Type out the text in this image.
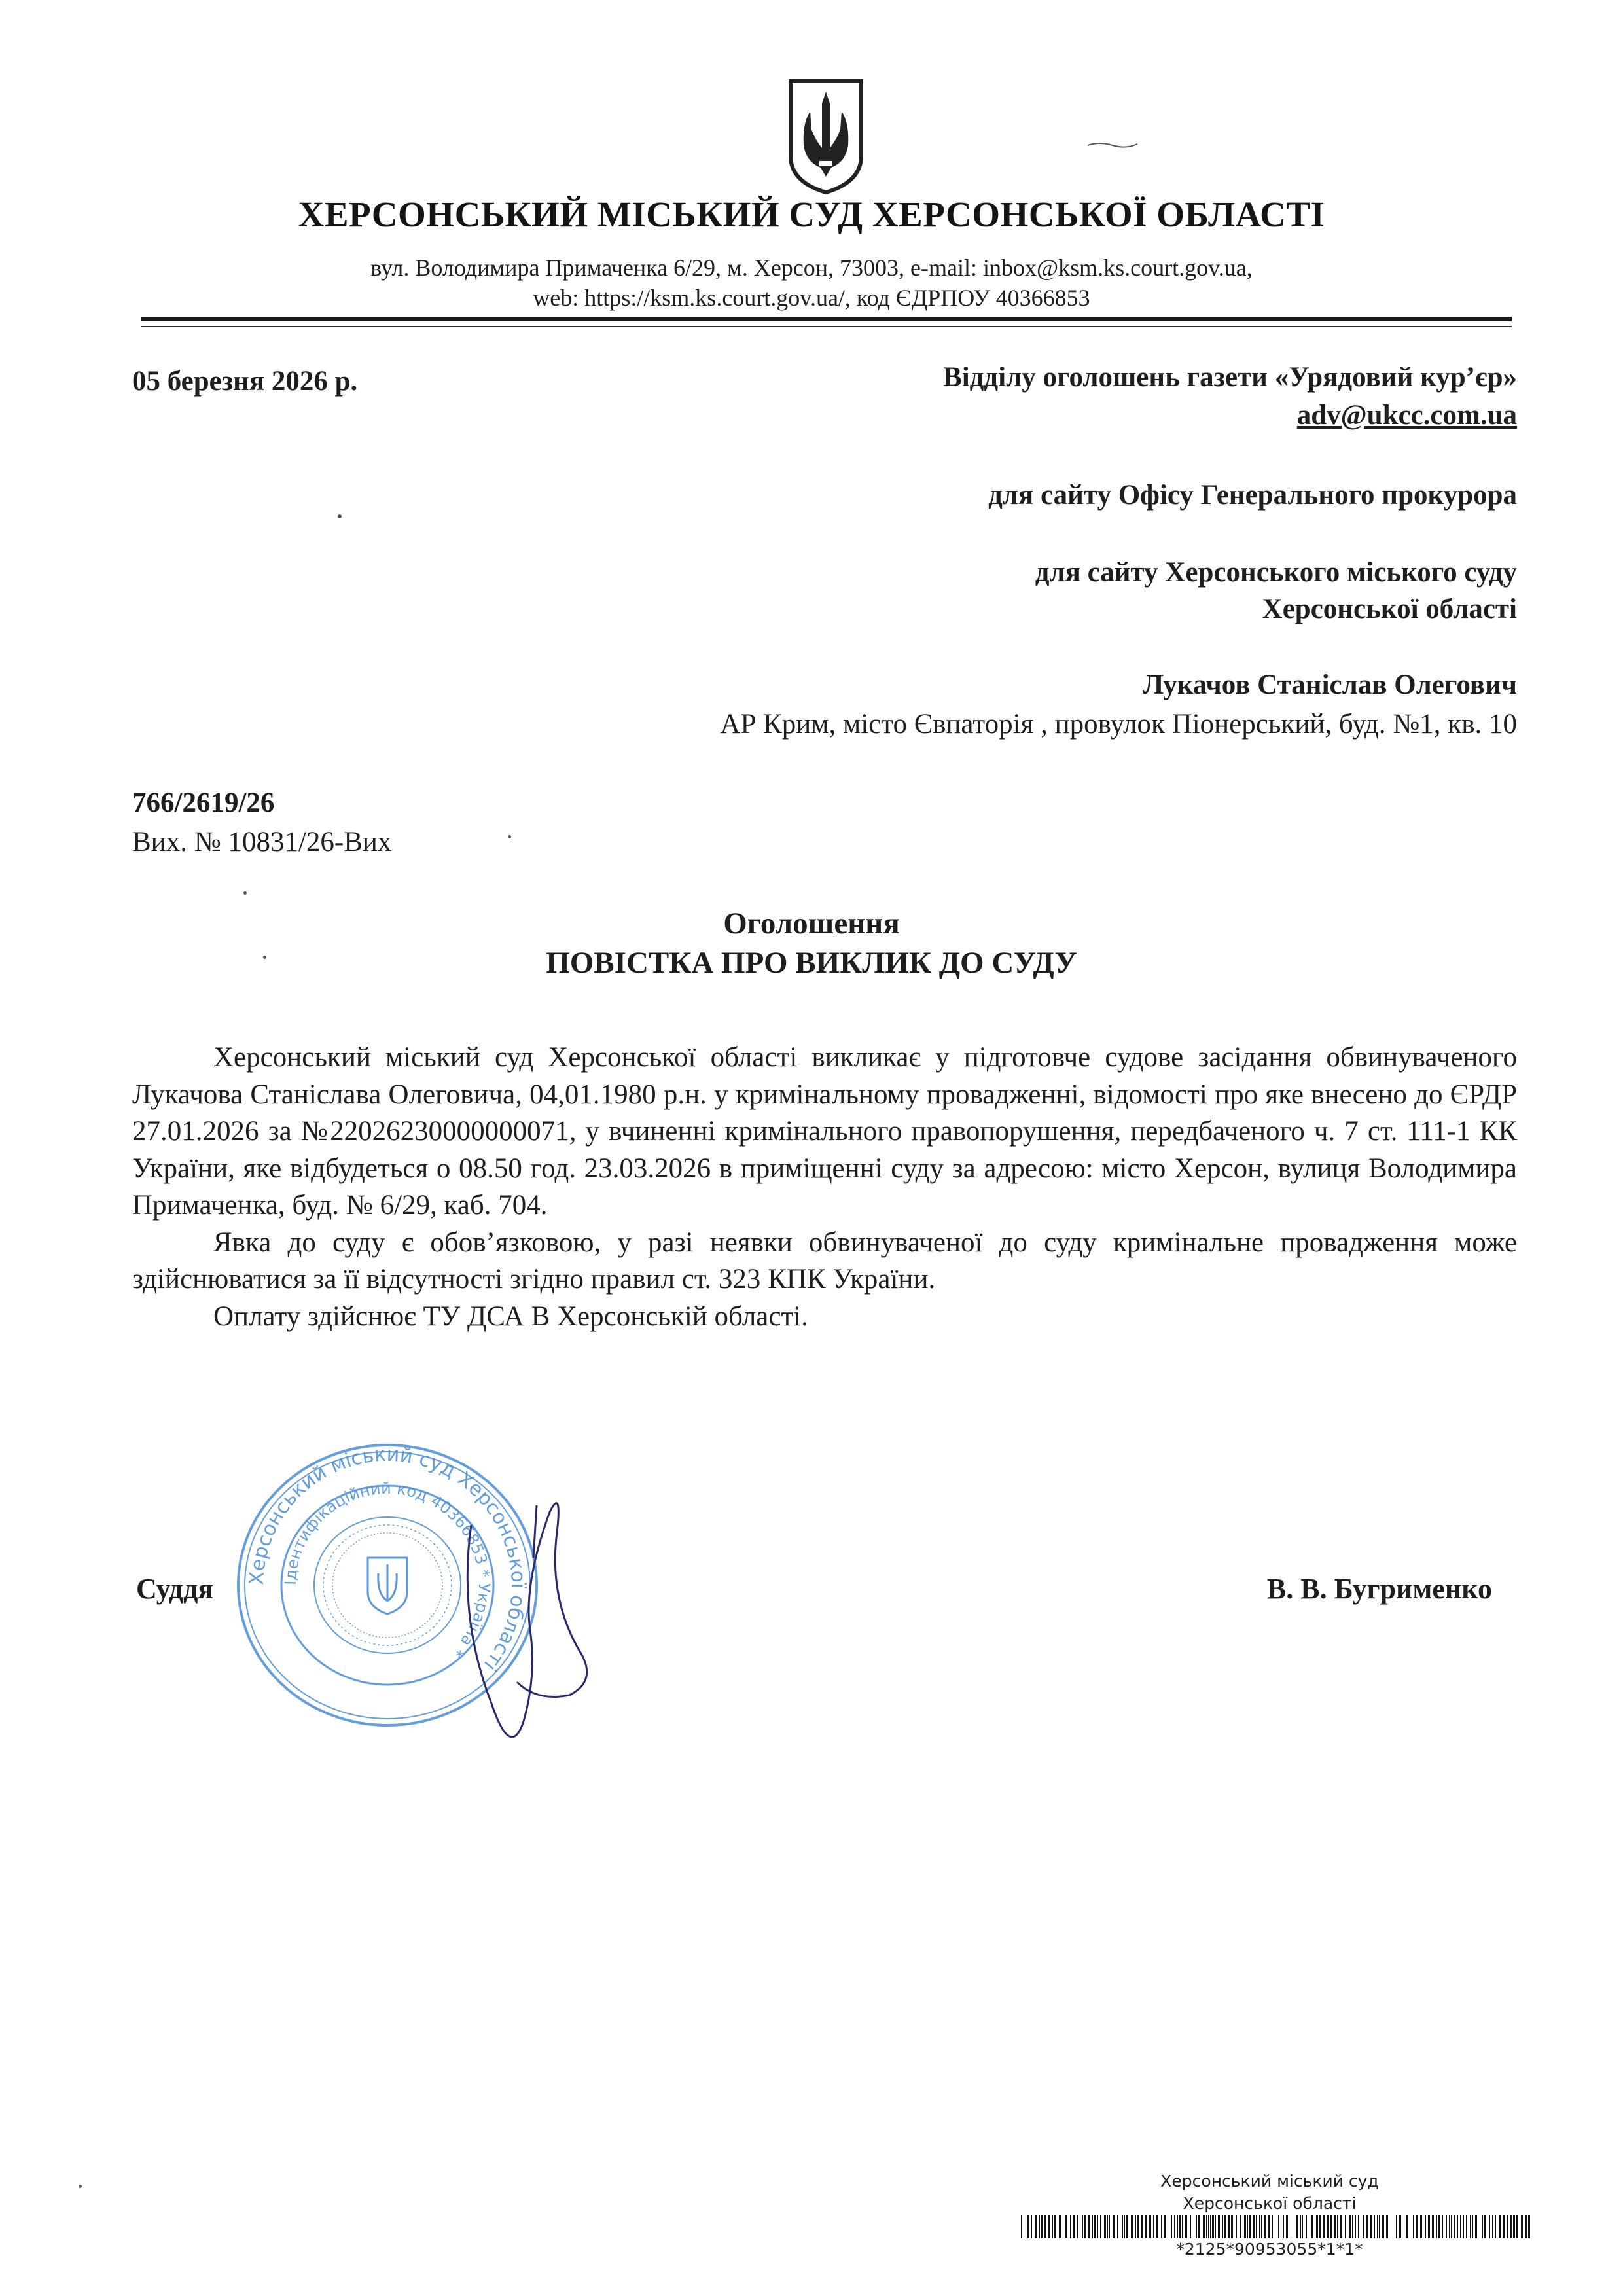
ХЕРСОНСЬКИЙ МІСЬКИЙ СУД ХЕРСОНСЬКОЇ ОБЛАСТІ
вул. Володимира Примаченка 6/29, м. Херсон, 73003, e-mail: inbox@ksm.ks.court.gov.ua,
web: https://ksm.ks.court.gov.ua/, код ЄДРПОУ 40366853
05 березня 2026 р.	Відділу оголошень газети «Урядовий кур’єр»
adv@ukcc.com.ua
для сайту Офісу Генерального прокурора
для сайту Херсонського міського суду
Херсонської області
Лукачов Станіслав Олегович
АР Крим, місто Євпаторія , провулок Піонерський, буд. №1, кв. 10
766/2619/26
Вих. № 10831/26-Вих
Оголошення
ПОВІСТКА ПРО ВИКЛИК ДО СУДУ

Херсонський міський суд Херсонської області викликає у підготовче судове засідання обвинуваченого Лукачова Станіслава Олеговича, 04,01.1980 р.н. у кримінальному провадженні, відомості про яке внесено до ЄРДР 27.01.2026 за №22026230000000071, у вчиненні кримінального правопорушення, передбаченого ч. 7 ст. 111-1 КК України, яке відбудеться о 08.50 год. 23.03.2026 в приміщенні суду за адресою: місто Херсон, вулиця Володимира Примаченка, буд. № 6/29, каб. 704.

Явка до суду є обов’язковою, у разі неявки обвинуваченої до суду кримінальне провадження може здійснюватися за її відсутності згідно правил ст. 323 КПК України.

Оплату здійснює ТУ ДСА В Херсонській області.

Херсонський міський суд Херсонської області
Ідентифікаційний код 40366853 * Україна *
Суддя	В. В. Бугрименко
Херсонський міський суд
Херсонської області
*2125*90953055*1*1*
